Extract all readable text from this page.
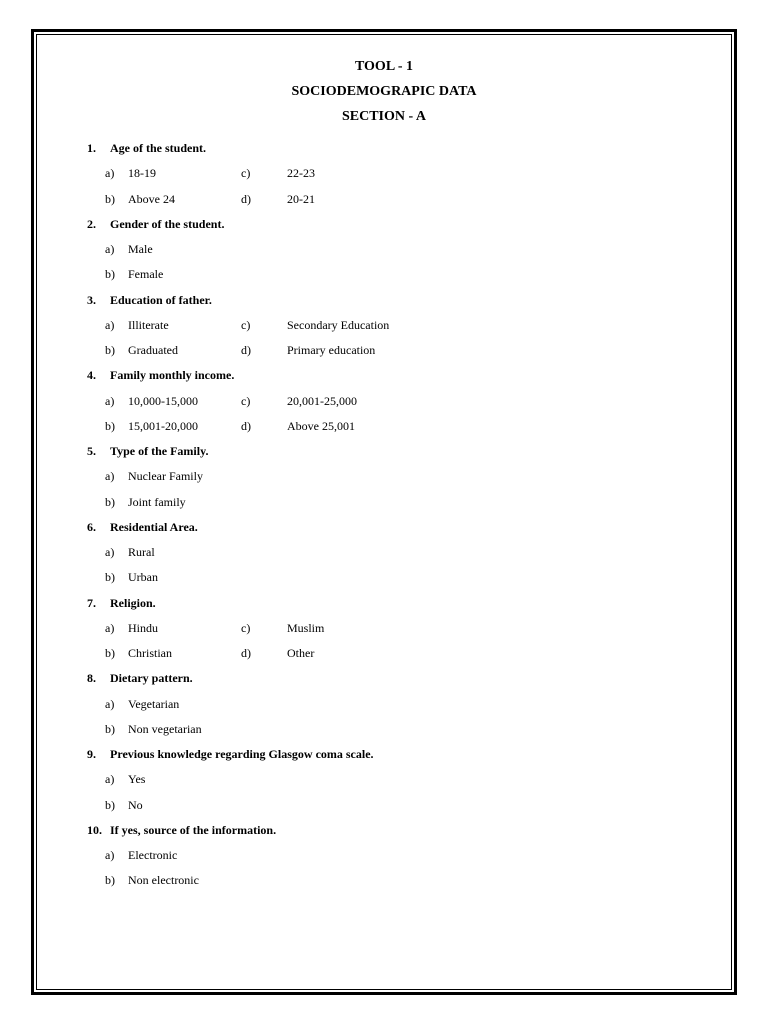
TOOL - 1
SOCIODEMOGRAPIC DATA
SECTION - A
1. Age of the student.
a) 18-19	c)	22-23
b) Above 24	d)	20-21
2. Gender of the student.
a) Male
b) Female
3. Education of father.
a) Illiterate	c)	Secondary Education
b) Graduated	d)	Primary education
4. Family monthly income.
a) 10,000-15,000	c)	20,001-25,000
b) 15,001-20,000	d)	Above 25,001
5. Type of the Family.
a) Nuclear Family
b) Joint family
6. Residential Area.
a) Rural
b) Urban
7. Religion.
a) Hindu	c)	Muslim
b) Christian	d)	Other
8. Dietary pattern.
a) Vegetarian
b) Non vegetarian
9. Previous knowledge regarding Glasgow coma scale.
a) Yes
b) No
10. If yes, source of the information.
a) Electronic
b) Non electronic
